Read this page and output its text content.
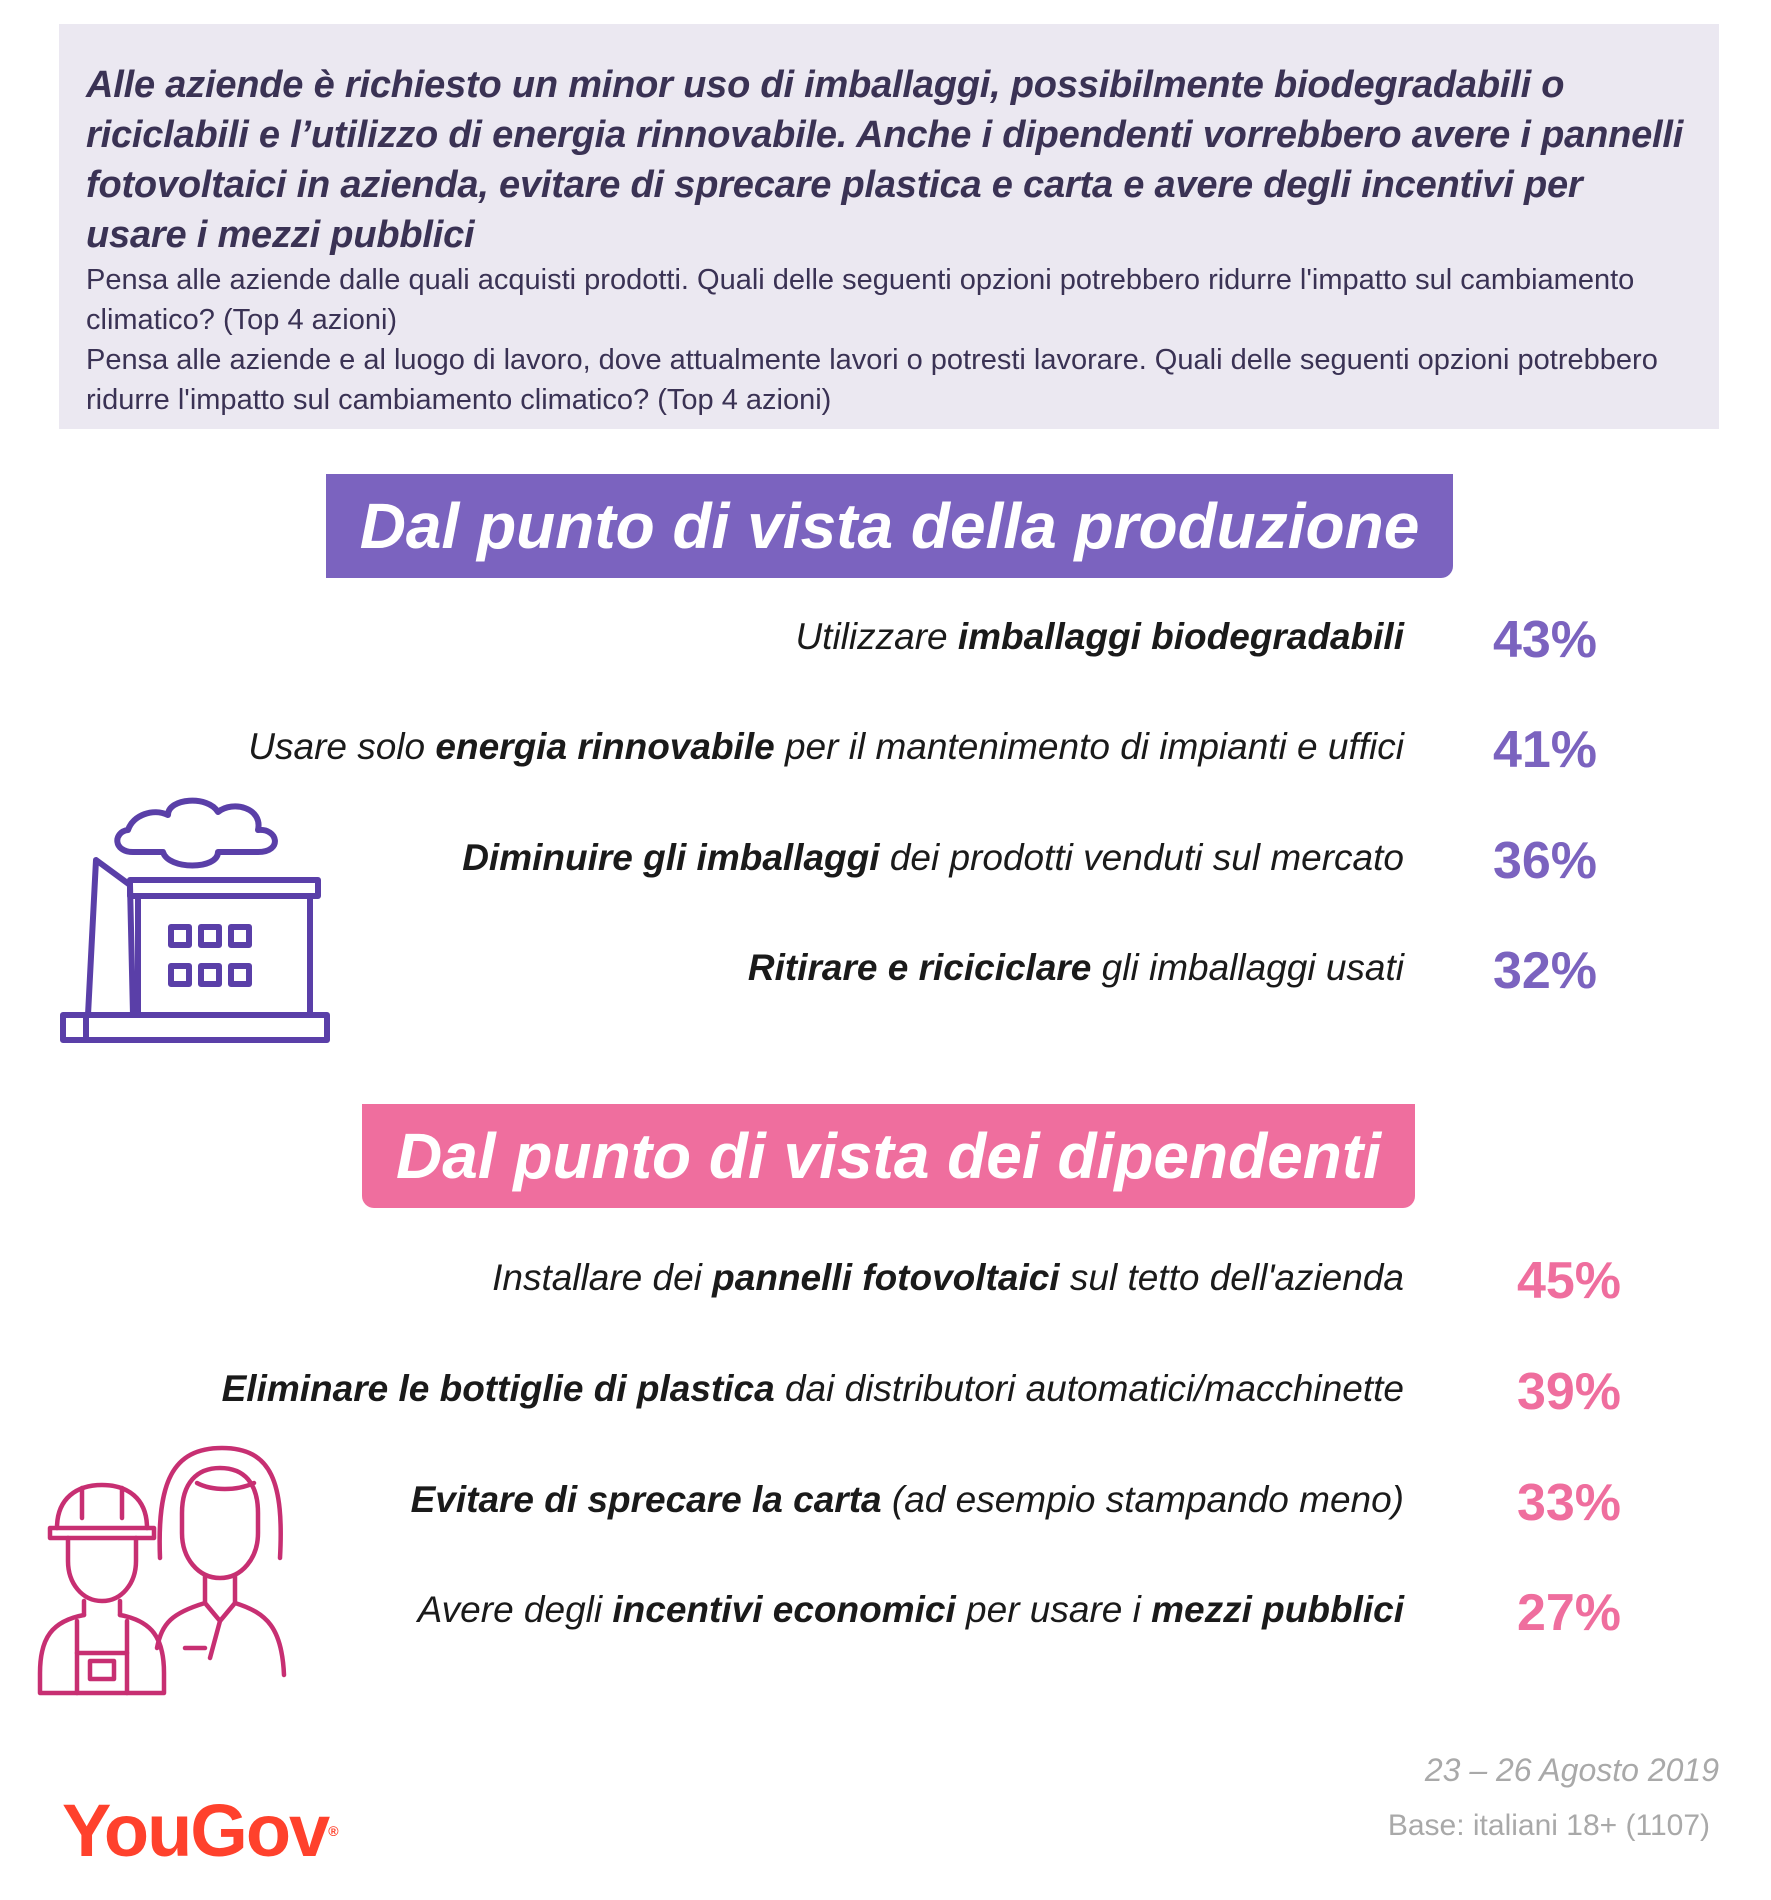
Alle aziende è richiesto un minor uso di imballaggi, possibilmente biodegradabili o riciclabili e l’utilizzo di energia rinnovabile. Anche i dipendenti vorrebbero avere i pannelli fotovoltaici in azienda, evitare di sprecare plastica e carta e avere degli incentivi per usare i mezzi pubblici

Pensa alle aziende dalle quali acquisti prodotti. Quali delle seguenti opzioni potrebbero ridurre l'impatto sul cambiamento climatico? (Top 4 azioni)

Pensa alle aziende e al luogo di lavoro, dove attualmente lavori o potresti lavorare. Quali delle seguenti opzioni potrebbero ridurre l'impatto sul cambiamento climatico? (Top 4 azioni)

Dal punto di vista della produzione
Utilizzare imballaggi biodegradabili	43%
Usare solo energia rinnovabile per il mantenimento di impianti e uffici	41%
Diminuire gli imballaggi dei prodotti venduti sul mercato	36%
Ritirare e riciciclare gli imballaggi usati	32%
Dal punto di vista dei dipendenti
Installare dei pannelli fotovoltaici sul tetto dell'azienda	45%
Eliminare le bottiglie di plastica dai distributori automatici/macchinette	39%
Evitare di sprecare la carta (ad esempio stampando meno)	33%
Avere degli incentivi economici per usare i mezzi pubblici	27%
23 – 26 Agosto 2019
Base: italiani 18+ (1107)
YouGov®
